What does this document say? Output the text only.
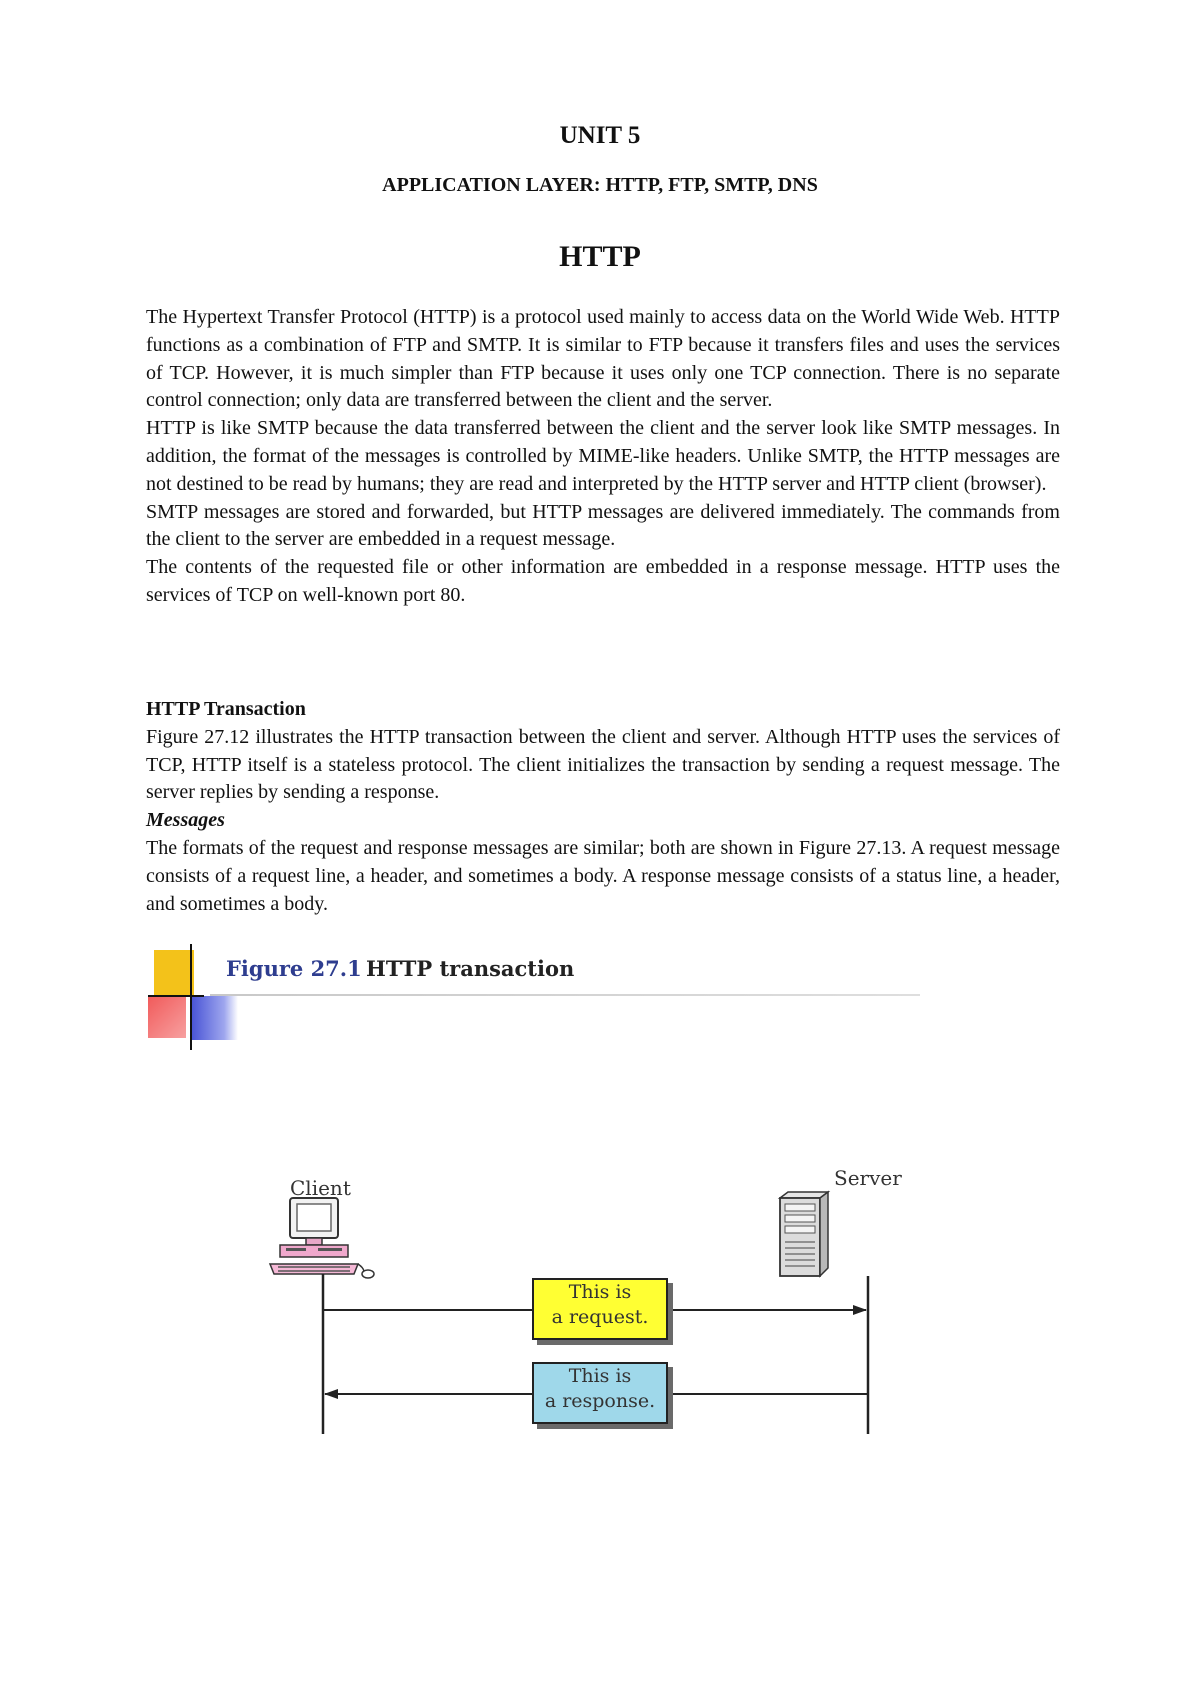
UNIT 5
APPLICATION LAYER: HTTP, FTP, SMTP, DNS
HTTP

The Hypertext Transfer Protocol (HTTP) is a protocol used mainly to access data on the World Wide Web. HTTP functions as a combination of FTP and SMTP. It is similar to FTP because it transfers files and uses the services of TCP. However, it is much simpler than FTP because it uses only one TCP connection. There is no separate control connection; only data are transferred between the client and the server.

HTTP is like SMTP because the data transferred between the client and the server look like SMTP messages. In addition, the format of the messages is controlled by MIME-like headers. Unlike SMTP, the HTTP messages are not destined to be read by humans; they are read and interpreted by the HTTP server and HTTP client (browser).

SMTP messages are stored and forwarded, but HTTP messages are delivered immediately. The commands from the client to the server are embedded in a request message.

The contents of the requested file or other information are embedded in a response message. HTTP uses the services of TCP on well-known port 80.

HTTP Transaction

Figure 27.12 illustrates the HTTP transaction between the client and server. Although HTTP uses the services of TCP, HTTP itself is a stateless protocol. The client initializes the transaction by sending a request message. The server replies by sending a response.

Messages

The formats of the request and response messages are similar; both are shown in Figure 27.13. A request message consists of a request line, a header, and sometimes a body. A response message consists of a status line, a header, and sometimes a body.

Figure 27.1 HTTP transaction
Client	Server
This is
a request.
This is
a response.
